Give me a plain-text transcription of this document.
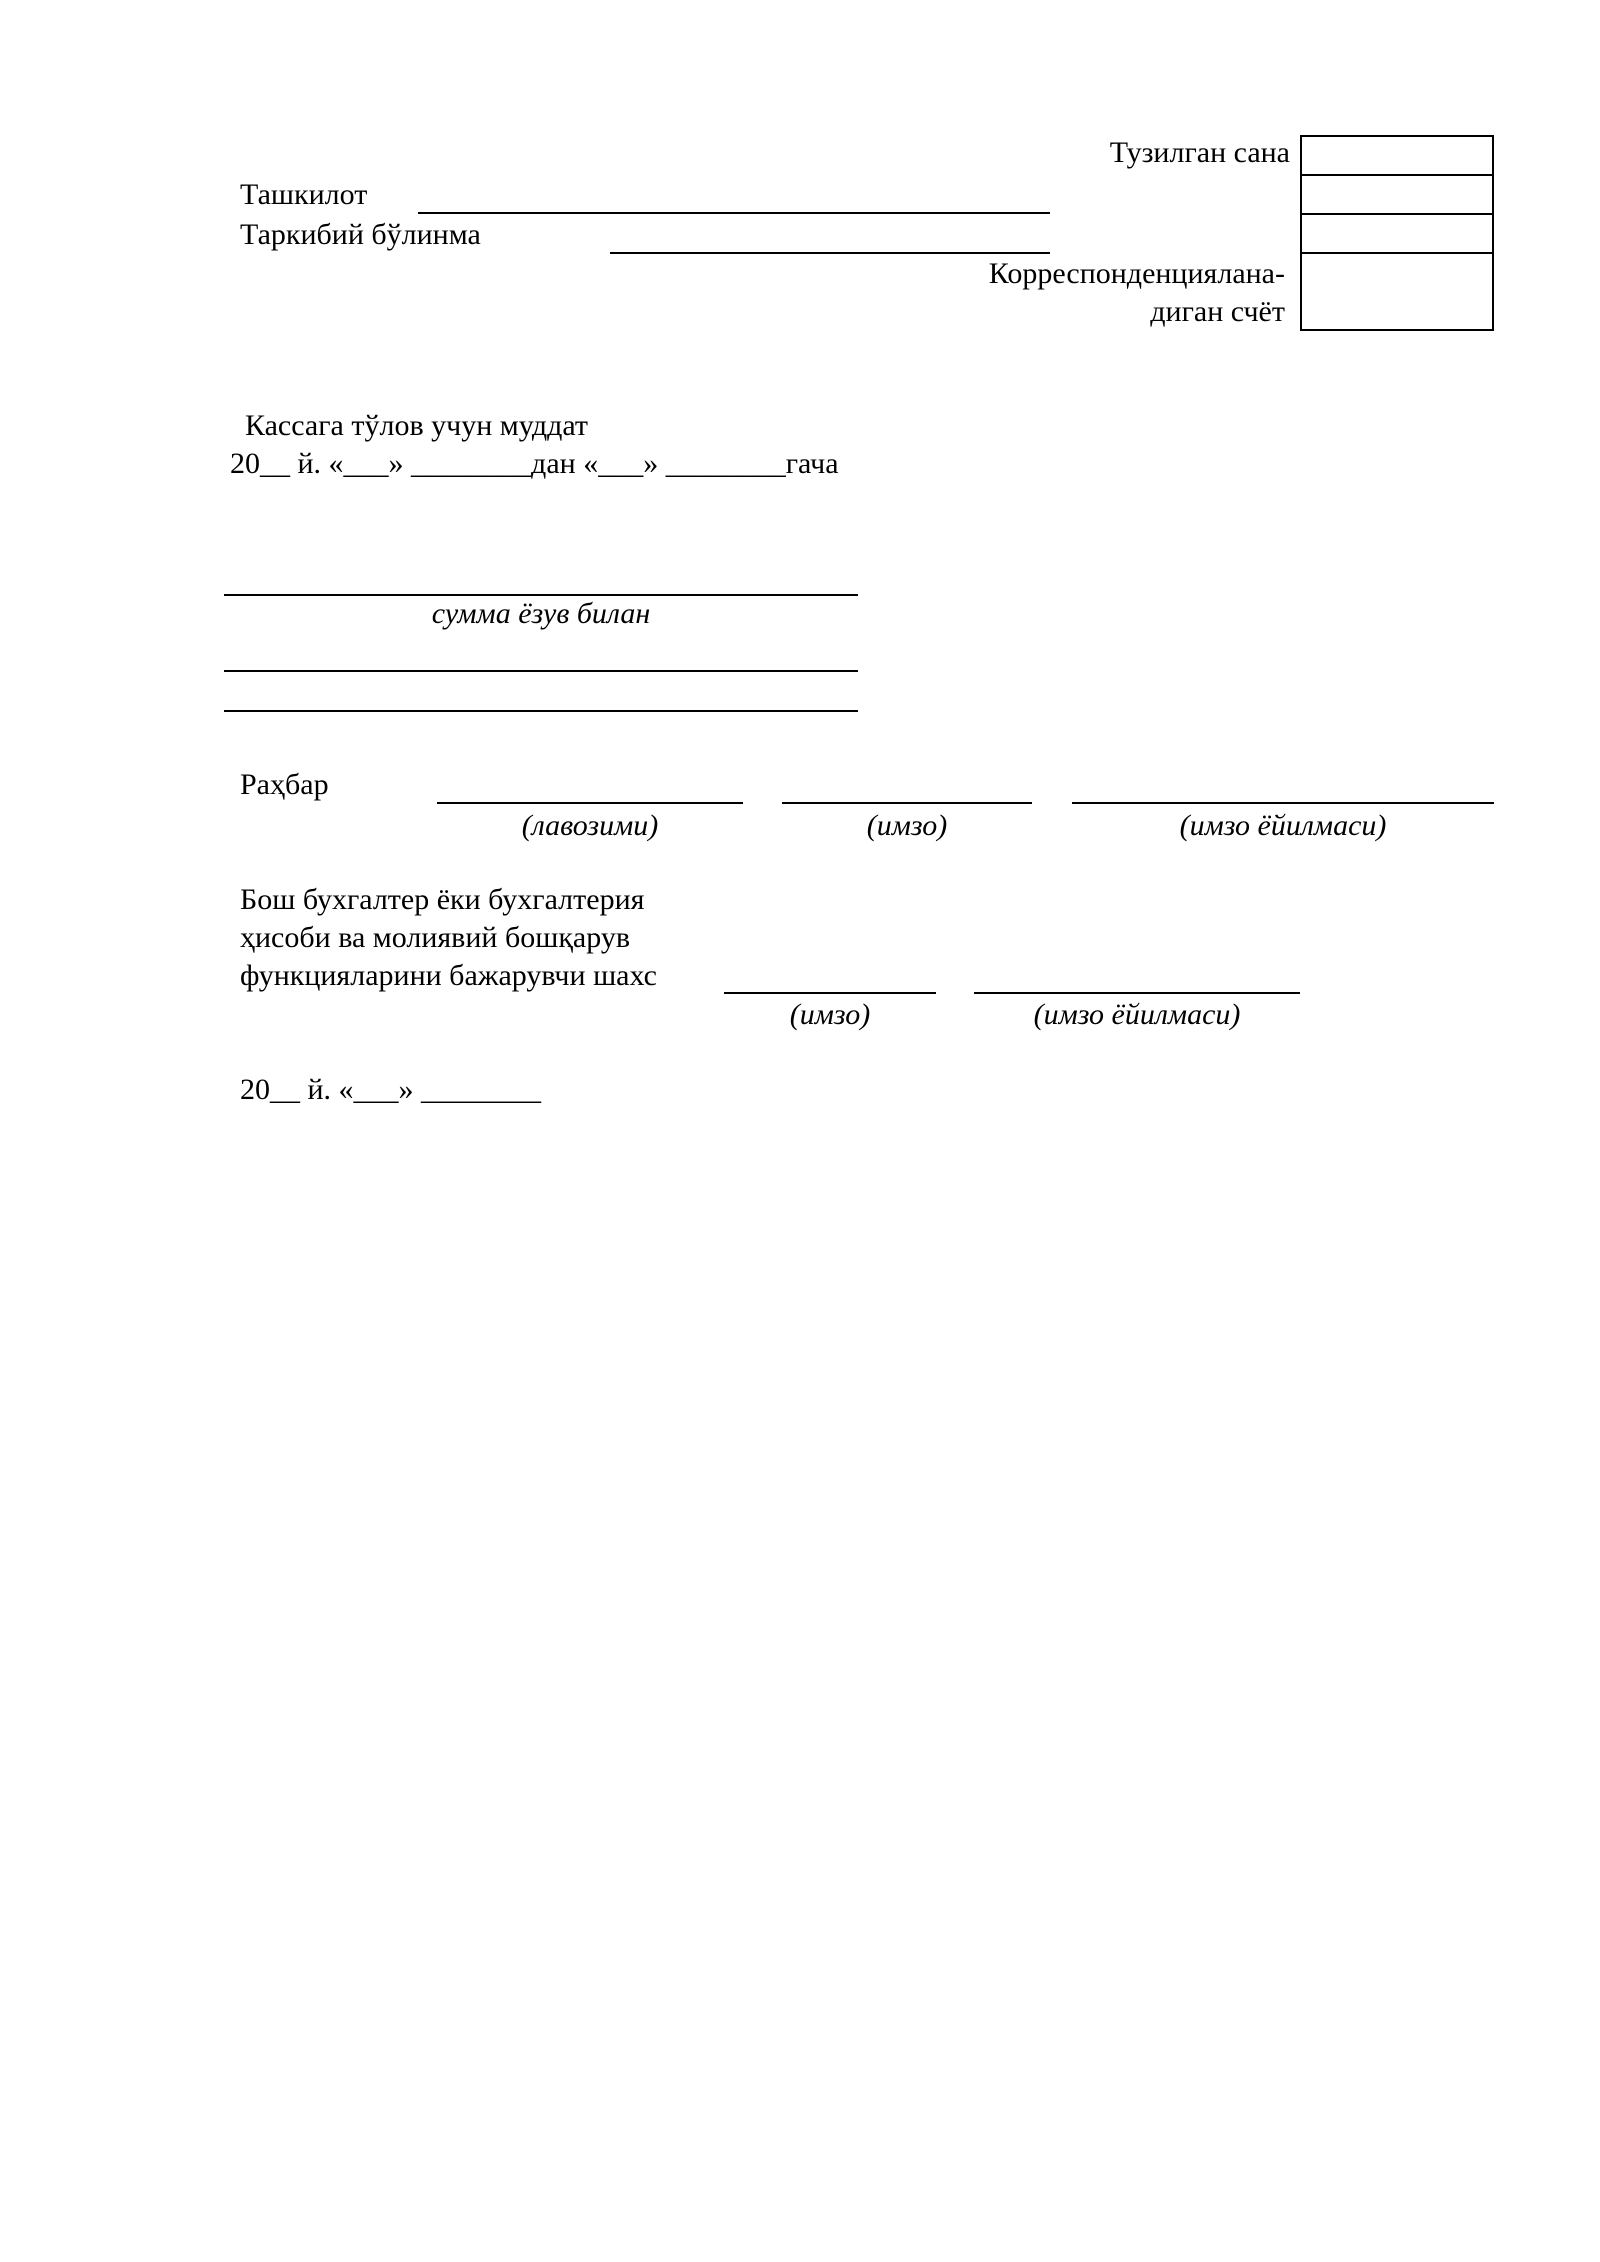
Тузилган сана
Ташкилот
Таркибий бўлинма
Корреспонденциялана-
диган счёт
Кассага тўлов учун муддат
20__ й. «___» ________дан «___» ________гача
сумма ёзув билан
Раҳбар
(лавозими)	(имзо)	(имзо ёйилмаси)
Бош бухгалтер ёки бухгалтерия
ҳисоби ва молиявий бошқарув
функцияларини бажарувчи шахс
(имзо)	(имзо ёйилмаси)
20__ й. «___» ________
